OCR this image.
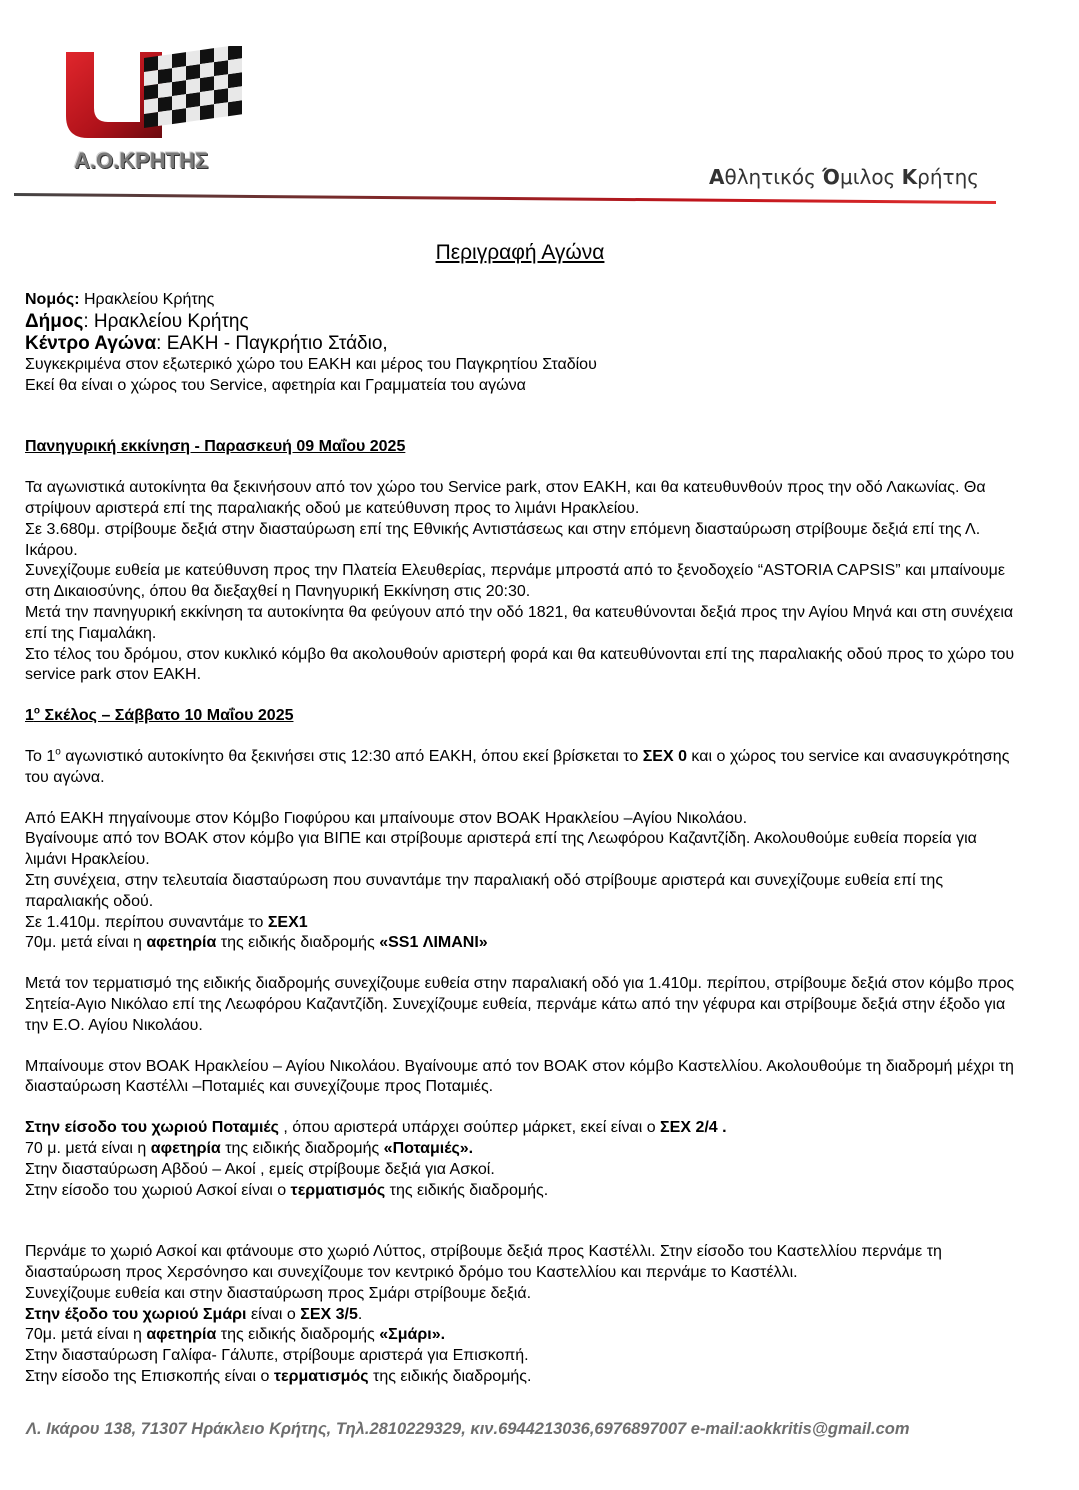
Α.Ο.ΚΡΗΤΗΣ
Αθλητικός Όμιλος Κρήτης
Περιγραφή Αγώνα

Νομός: Ηρακλείου Κρήτης

Δήμος: Ηρακλείου Κρήτης

Κέντρο Αγώνα: ΕΑΚΗ - Παγκρήτιο Στάδιο,

Συγκεκριμένα στον εξωτερικό χώρο του ΕΑΚΗ και μέρος του Παγκρητίου Σταδίου

Εκεί θα είναι ο χώρος του Service, αφετηρία και Γραμματεία του αγώνα

Πανηγυρική εκκίνηση - Παρασκευή 09 Μαΐου 2025

Τα αγωνιστικά αυτοκίνητα θα ξεκινήσουν από τον χώρο του Service park, στον ΕΑΚΗ, και θα κατευθυνθούν προς την οδό Λακωνίας. Θα στρίψουν αριστερά επί της παραλιακής οδού με κατεύθυνση προς το λιμάνι Ηρακλείου.

Σε 3.680μ. στρίβουμε δεξιά στην διασταύρωση επί της Εθνικής Αντιστάσεως και στην επόμενη διασταύρωση στρίβουμε δεξιά επί της Λ. Ικάρου.

Συνεχίζουμε ευθεία με κατεύθυνση προς την Πλατεία Ελευθερίας, περνάμε μπροστά από το ξενοδοχείο “ASTORIA CAPSIS” και μπαίνουμε στη Δικαιοσύνης, όπου θα διεξαχθεί η Πανηγυρική Εκκίνηση στις 20:30.

Μετά την πανηγυρική εκκίνηση τα αυτοκίνητα θα φεύγουν από την οδό 1821, θα κατευθύνονται δεξιά προς την Αγίου Μηνά και στη συνέχεια επί της Γιαμαλάκη.

Στο τέλος του δρόμου, στον κυκλικό κόμβο θα ακολουθούν αριστερή φορά και θα κατευθύνονται επί της παραλιακής οδού προς το χώρο του service park στον ΕΑΚΗ.

$1^o$ Σκέλος – Σάββατο 10 Μαΐου 2025

Το $1^o$ αγωνιστικό αυτοκίνητο θα ξεκινήσει στις 12:30 από ΕΑΚΗ, όπου εκεί βρίσκεται το ΣΕΧ 0 και ο χώρος του service και ανασυγκρότησης του αγώνα.

Από ΕΑΚΗ πηγαίνουμε στον Κόμβο Γιοφύρου και μπαίνουμε στον ΒΟΑΚ Ηρακλείου –Αγίου Νικολάου.

Βγαίνουμε από τον ΒΟΑΚ στον κόμβο για ΒΙΠΕ και στρίβουμε αριστερά επί της Λεωφόρου Καζαντζίδη. Ακολουθούμε ευθεία πορεία για λιμάνι Ηρακλείου.

Στη συνέχεια, στην τελευταία διασταύρωση που συναντάμε την παραλιακή οδό στρίβουμε αριστερά και συνεχίζουμε ευθεία επί της παραλιακής οδού.

Σε 1.410μ. περίπου συναντάμε το ΣΕΧ1

70μ. μετά είναι η αφετηρία της ειδικής διαδρομής «SS1 ΛΙΜΑΝΙ»

Μετά τον τερματισμό της ειδικής διαδρομής συνεχίζουμε ευθεία στην παραλιακή οδό για 1.410μ. περίπου, στρίβουμε δεξιά στον κόμβο προς Σητεία-Αγιο Νικόλαο επί της Λεωφόρου Καζαντζίδη. Συνεχίζουμε ευθεία, περνάμε κάτω από την γέφυρα και στρίβουμε δεξιά στην έξοδο για την Ε.Ο. Αγίου Νικολάου.

Μπαίνουμε στον ΒΟΑΚ Ηρακλείου – Αγίου Νικολάου. Βγαίνουμε από τον ΒΟΑΚ στον κόμβο Καστελλίου. Ακολουθούμε τη διαδρομή μέχρι τη διασταύρωση Καστέλλι –Ποταμιές και συνεχίζουμε προς Ποταμιές.

Στην είσοδο του χωριού Ποταμιές , όπου αριστερά υπάρχει σούπερ μάρκετ, εκεί είναι ο ΣΕΧ 2/4 .

70 μ. μετά είναι η αφετηρία της ειδικής διαδρομής «Ποταμιές».

Στην διασταύρωση Αβδού – Ακοί , εμείς στρίβουμε δεξιά για Ασκοί.

Στην είσοδο του χωριού Ασκοί είναι ο τερματισμός της ειδικής διαδρομής.

Περνάμε το χωριό Ασκοί και φτάνουμε στο χωριό Λύττος, στρίβουμε δεξιά προς Καστέλλι. Στην είσοδο του Καστελλίου περνάμε τη διασταύρωση προς Χερσόνησο και συνεχίζουμε τον κεντρικό δρόμο του Καστελλίου και περνάμε το Καστέλλι.

Συνεχίζουμε ευθεία και στην διασταύρωση προς Σμάρι στρίβουμε δεξιά.

Στην έξοδο του χωριού Σμάρι είναι ο ΣΕΧ 3/5.

70μ. μετά είναι η αφετηρία της ειδικής διαδρομής «Σμάρι».

Στην διασταύρωση Γαλίφα- Γάλυπε, στρίβουμε αριστερά για Επισκοπή.

Στην είσοδο της Επισκοπής είναι ο τερματισμός της ειδικής διαδρομής.

Λ. Ικάρου 138, 71307 Ηράκλειο Κρήτης, Τηλ.2810229329, κιν.6944213036,6976897007 e-mail:aokkritis@gmail.com
